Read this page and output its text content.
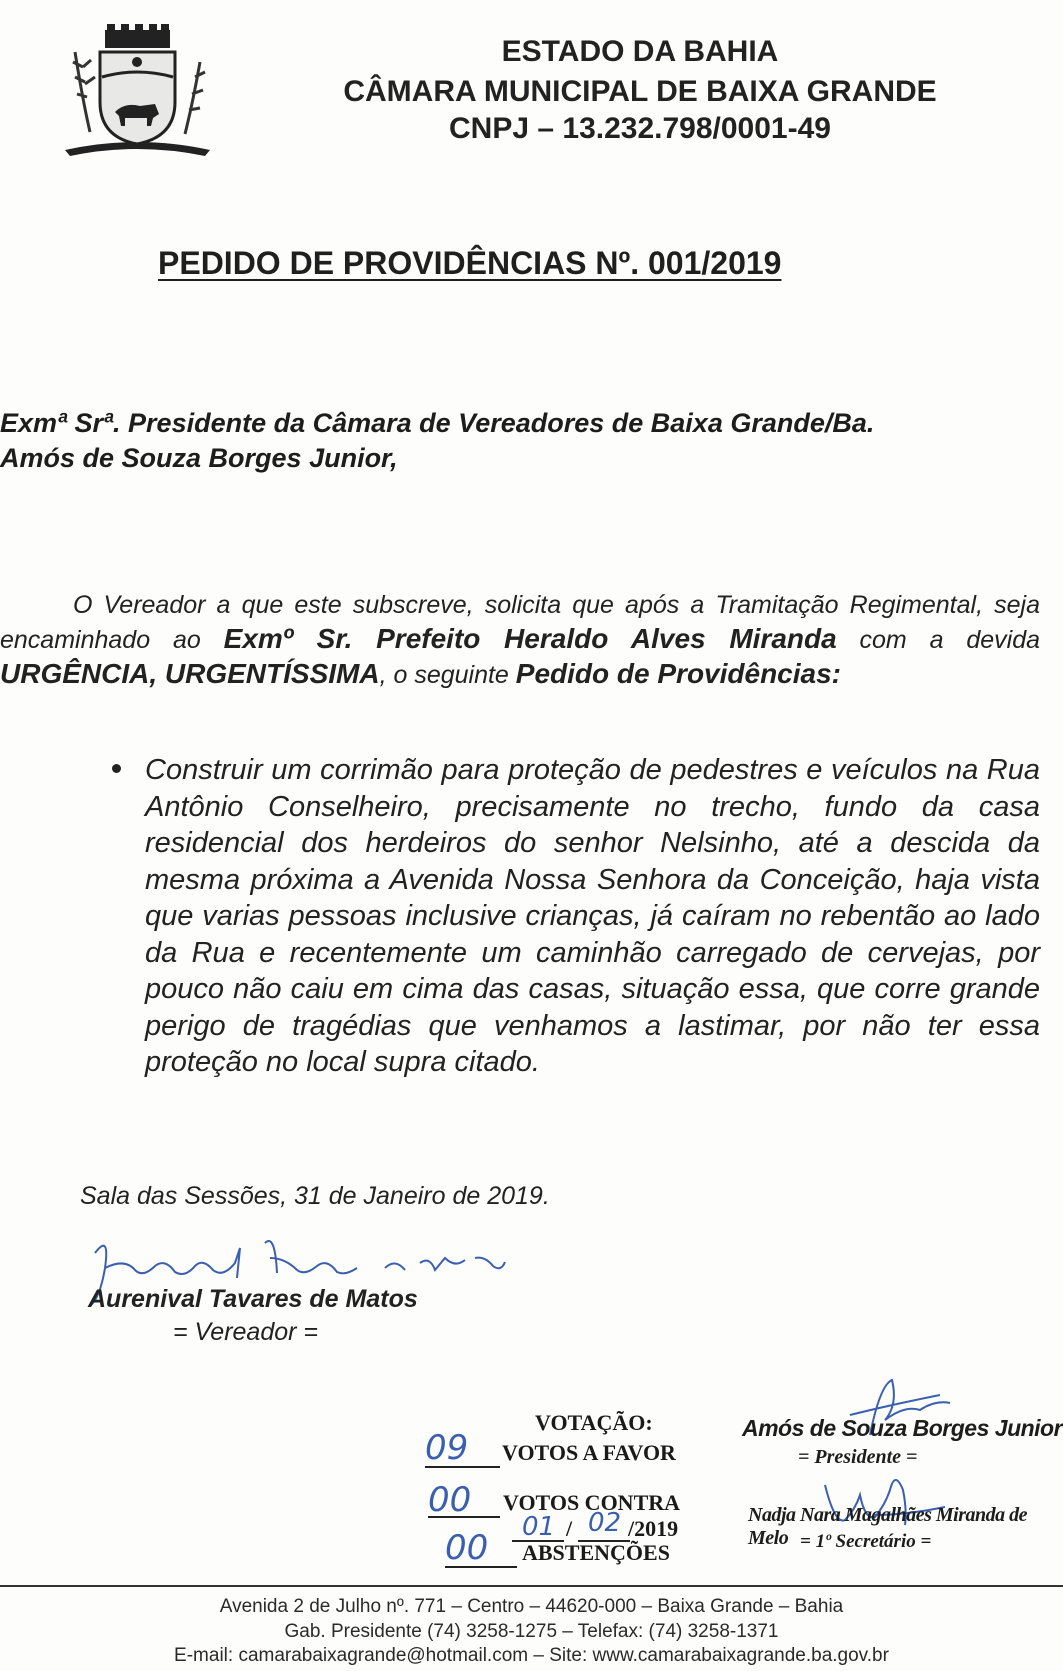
ESTADO DA BAHIA
CÂMARA MUNICIPAL DE BAIXA GRANDE
CNPJ – 13.232.798/0001-49
PEDIDO DE PROVIDÊNCIAS Nº. 001/2019
Exmª Srª. Presidente da Câmara de Vereadores de Baixa Grande/Ba.
Amós de Souza Borges Junior,
O Vereador a que este subscreve, solicita que após a Tramitação Regimental, seja encaminhado ao Exmº Sr. Prefeito Heraldo Alves Miranda com a devida URGÊNCIA, URGENTÍSSIMA, o seguinte Pedido de Providências:
Construir um corrimão para proteção de pedestres e veículos na Rua Antônio Conselheiro, precisamente no trecho, fundo da casa residencial dos herdeiros do senhor Nelsinho, até a descida da mesma próxima a Avenida Nossa Senhora da Conceição, haja vista que varias pessoas inclusive crianças, já caíram no rebentão ao lado da Rua e recentemente um caminhão carregado de cervejas, por pouco não caiu em cima das casas, situação essa, que corre grande perigo de tragédias que venhamos a lastimar, por não ter essa proteção no local supra citado.
Sala das Sessões, 31 de Janeiro de 2019.
Aurenival Tavares de Matos
= Vereador =
VOTAÇÃO:
09 VOTOS A FAVOR
00 VOTOS CONTRA
01 / 02 /2019
00 ABSTENÇÕES
Amós de Souza Borges Junior
= Presidente =
Nadja Nara Magalhães Miranda de Melo = 1º Secretário =
Avenida 2 de Julho nº. 771 – Centro – 44620-000 – Baixa Grande – Bahia
Gab. Presidente (74) 3258-1275 – Telefax: (74) 3258-1371
E-mail: camarabaixagrande@hotmail.com – Site: www.camarabaixagrande.ba.gov.br
